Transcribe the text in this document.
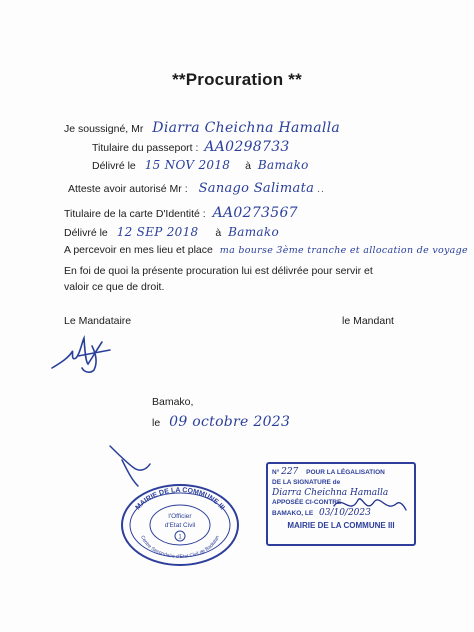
**Procuration **
Je soussigné, Mr Diarra Cheichna Hamalla
Titulaire du passeport : AA0298733
Délivré le 15 NOV 2018 à Bamako
Atteste avoir autorisé Mr : Sanago Salimata ..
Titulaire de la carte D'Identité : AA0273567
Délivré le 12 SEP 2018 à Bamako
A percevoir en mes lieu et place ma bourse 3ème tranche et allocation de voyage
En foi de quoi la présente procuration lui est délivrée pour servir et valoir ce que de droit.
Le Mandataire	le Mandant
Bamako,
le 09 octobre 2023
MAIRIE DE LA COMMUNE III
Centre Secondaire d'Etat Civil de Badialan
l'Officier
d'Etat Civil
1
N° 227 POUR LA LÉGALISATION
DE LA SIGNATURE de
Diarra Cheichna Hamalla
APPOSÉE CI-CONTRE
BAMAKO, LE 03/10/2023
MAIRIE DE LA COMMUNE III
